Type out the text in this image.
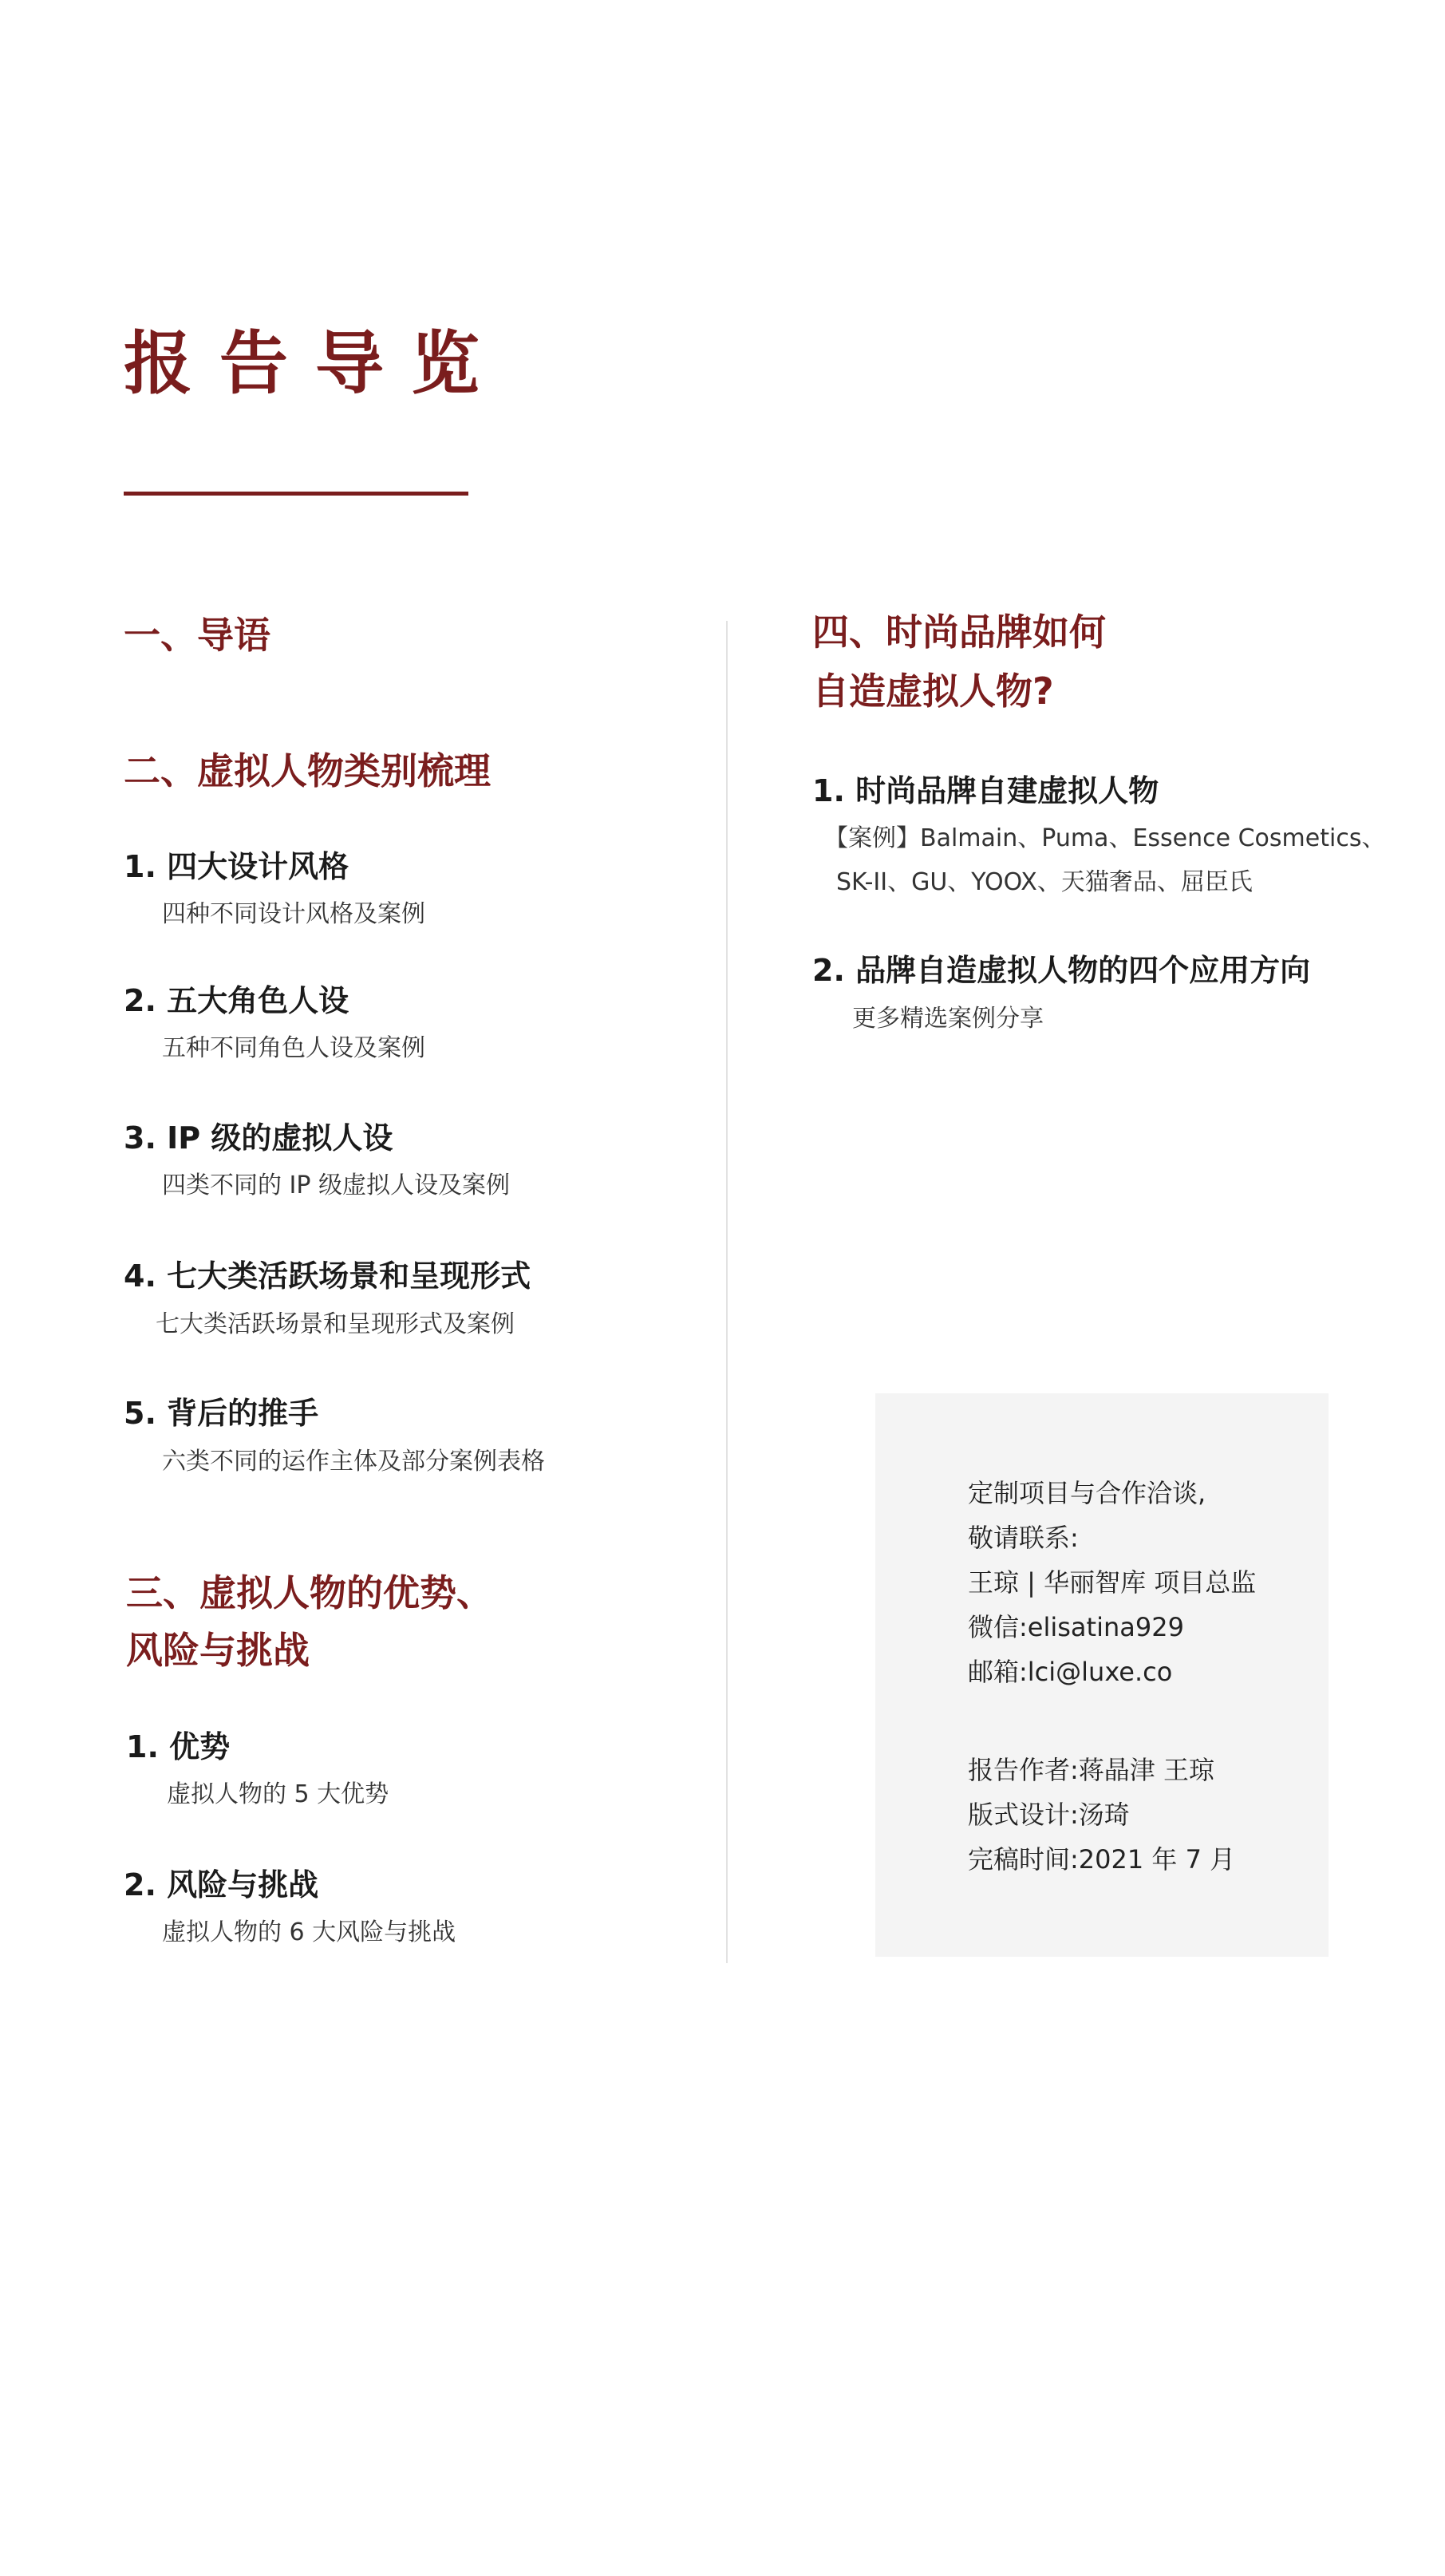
报告导览
一、导语
二、虚拟人物类别梳理
1. 四大设计风格
四种不同设计风格及案例
2. 五大角色人设
五种不同角色人设及案例
3. IP 级的虚拟人设
四类不同的 IP 级虚拟人设及案例
4. 七大类活跃场景和呈现形式
七大类活跃场景和呈现形式及案例
5. 背后的推手
六类不同的运作主体及部分案例表格
三、虚拟人物的优势、
风险与挑战
1. 优势
虚拟人物的 5 大优势
2. 风险与挑战
虚拟人物的 6 大风险与挑战
四、时尚品牌如何
自造虚拟人物?
1. 时尚品牌自建虚拟人物
【案例】Balmain、Puma、Essence Cosmetics、
SK-II、GU、YOOX、天猫奢品、屈臣氏
2. 品牌自造虚拟人物的四个应用方向
更多精选案例分享
定制项目与合作洽谈,
敬请联系:
王琼 | 华丽智库 项目总监
微信:elisatina929
邮箱:lci@luxe.co
报告作者:蒋晶津 王琼
版式设计:汤琦
完稿时间:2021 年 7 月
